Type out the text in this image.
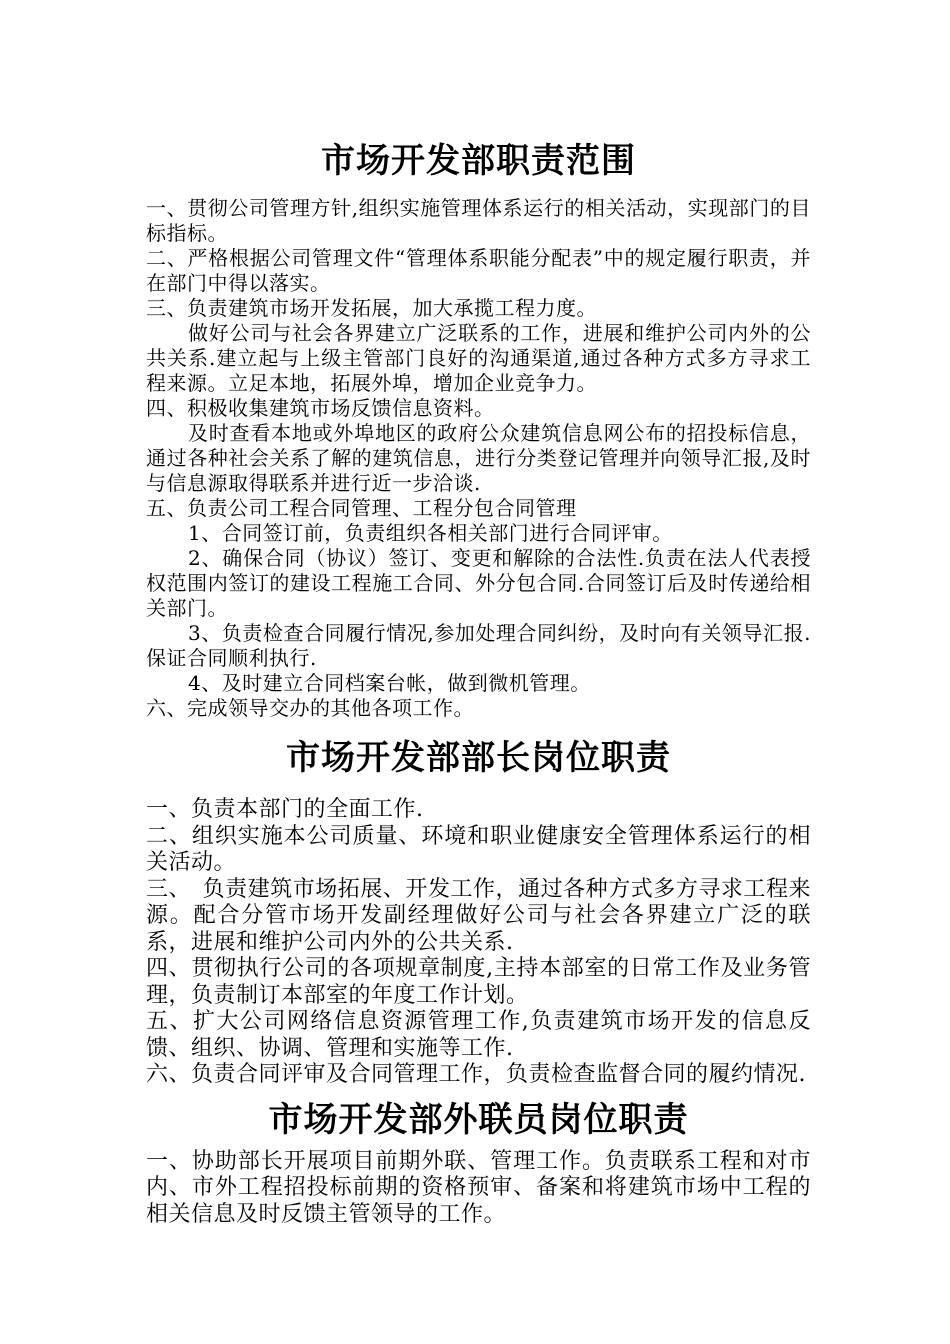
市场开发部职责范围

一、贯彻公司管理方针,组织实施管理体系运行的相关活动，实现部门的目标指标。

二、严格根据公司管理文件“管理体系职能分配表”中的规定履行职责，并在部门中得以落实。

三、负责建筑市场开发拓展，加大承揽工程力度。

做好公司与社会各界建立广泛联系的工作，进展和维护公司内外的公共关系.建立起与上级主管部门良好的沟通渠道,通过各种方式多方寻求工程来源。立足本地，拓展外埠，增加企业竞争力。

四、积极收集建筑市场反馈信息资料。

及时查看本地或外埠地区的政府公众建筑信息网公布的招投标信息，通过各种社会关系了解的建筑信息，进行分类登记管理并向领导汇报,及时与信息源取得联系并进行近一步洽谈.

五、负责公司工程合同管理、工程分包合同管理

1、合同签订前，负责组织各相关部门进行合同评审。

2、确保合同（协议）签订、变更和解除的合法性.负责在法人代表授权范围内签订的建设工程施工合同、外分包合同.合同签订后及时传递给相关部门。

3、负责检查合同履行情况,参加处理合同纠纷，及时向有关领导汇报.保证合同顺利执行.

4、及时建立合同档案台帐，做到微机管理。

六、完成领导交办的其他各项工作。

市场开发部部长岗位职责

一、负责本部门的全面工作.

二、组织实施本公司质量、环境和职业健康安全管理体系运行的相关活动。

三、　负责建筑市场拓展、开发工作，通过各种方式多方寻求工程来源。配合分管市场开发副经理做好公司与社会各界建立广泛的联系，进展和维护公司内外的公共关系.

四、贯彻执行公司的各项规章制度,主持本部室的日常工作及业务管理，负责制订本部室的年度工作计划。

五、扩大公司网络信息资源管理工作,负责建筑市场开发的信息反馈、组织、协调、管理和实施等工作.

六、负责合同评审及合同管理工作，负责检查监督合同的履约情况.

市场开发部外联员岗位职责

一、协助部长开展项目前期外联、管理工作。负责联系工程和对市内、市外工程招投标前期的资格预审、备案和将建筑市场中工程的相关信息及时反馈主管领导的工作。
